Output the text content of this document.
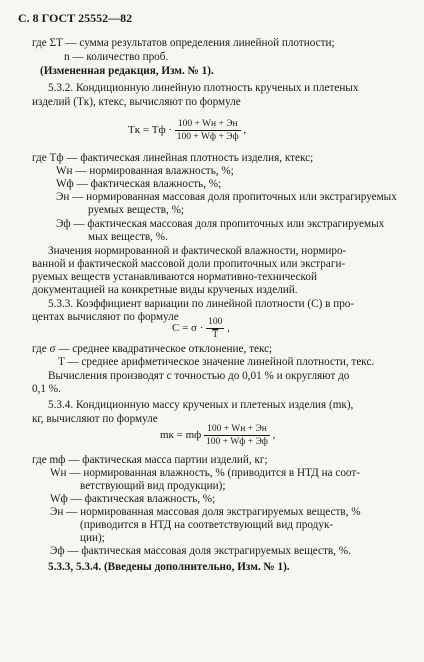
С. 8 ГОСТ 25552—82
где ΣT — сумма результатов определения линейной плотности;
n — количество проб.
(Измененная редакция, Изм. № 1).
5.3.2. Кондиционную линейную плотность крученых и плетеных
изделий (Tк), ктекс, вычисляют по формуле
Tк = Tф · $\frac{100 + Wн + Эн}{100 + Wф + Эф}$ ,
где Tф — фактическая линейная плотность изделия, ктекс;
Wн — нормированная влажность, %;
Wф — фактическая влажность, %;
Эн — нормированная массовая доля пропиточных или экстрагируемых
руемых веществ, %;
Эф — фактическая массовая доля пропиточных или экстрагируемых
мых веществ, %.
Значения нормированной и фактической влажности, нормиро-
ванной и фактической массовой доли пропиточных или экстраги-
руемых веществ устанавливаются нормативно-технической
документацией на конкретные виды крученых изделий.
5.3.3. Коэффициент вариации по линейной плотности (C) в про-
центах вычисляют по формуле
$C = \sigma \cdot \frac{100}{T}$ ,
где σ — среднее квадратическое отклонение, текс;
T — среднее арифметическое значение линейной плотности, текс.
Вычисления производят с точностью до 0,01 % и округляют до
0,1 %.
5.3.4. Кондиционную массу крученых и плетеных изделия (mк),
кг, вычисляют по формуле
mк = mф $\frac{100 + Wн + Эн}{100 + Wф + Эф}$ ,
где mф — фактическая масса партии изделий, кг;
Wн — нормированная влажность, % (приводится в НТД на соот-
ветствующий вид продукции);
Wф — фактическая влажность, %;
Эн — нормированная массовая доля экстрагируемых веществ, %
(приводится в НТД на соответствующий вид продук-
ции);
Эф — фактическая массовая доля экстрагируемых веществ, %.
5.3.3, 5.3.4. (Введены дополнительно, Изм. № 1).
